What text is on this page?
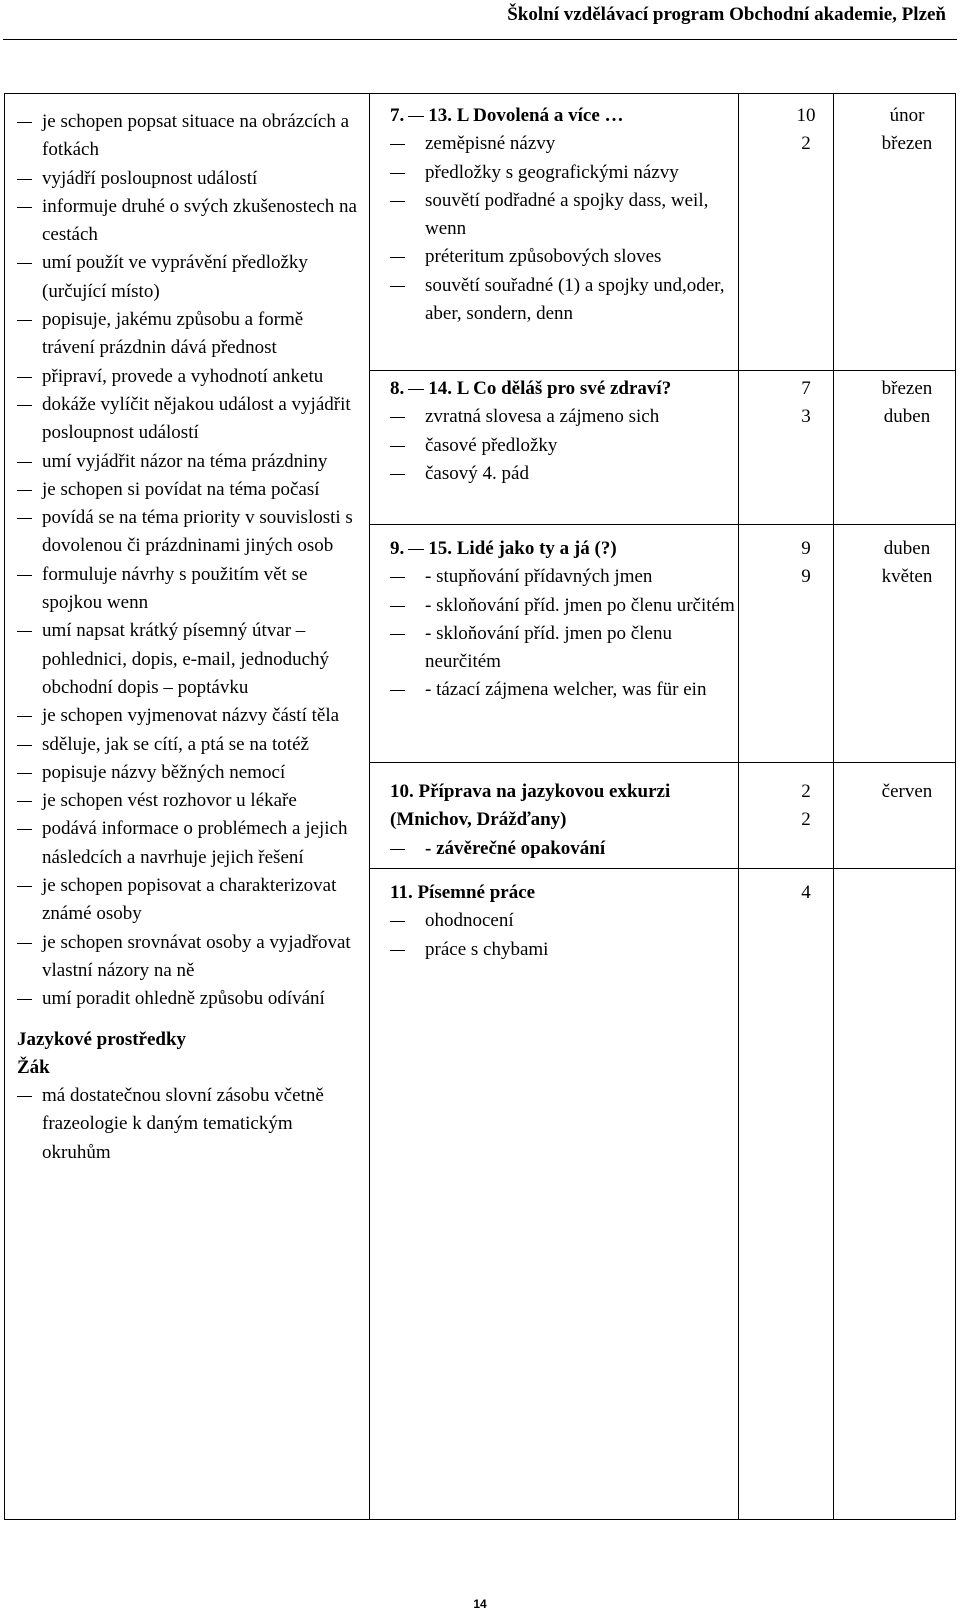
Školní vzdělávací program Obchodní akademie, Plzeň
je schopen popsat situace na obrázcích a fotkách
vyjádří posloupnost událostí
informuje druhé o svých zkušenostech na cestách
umí použít ve vyprávění předložky (určující místo)
popisuje, jakému způsobu a formě trávení prázdnin dává přednost
připraví, provede a vyhodnotí anketu
dokáže vylíčit nějakou událost a vyjádřit posloupnost událostí
umí vyjádřit názor na téma prázdniny
je schopen si povídat na téma počasí
povídá se na téma priority v souvislosti s dovolenou či prázdninami jiných osob
formuluje návrhy s použitím vět se spojkou wenn
umí napsat krátký písemný útvar – pohlednici, dopis, e-mail, jednoduchý obchodní dopis – poptávku
je schopen vyjmenovat názvy částí těla
sděluje, jak se cítí, a ptá se na totéž
popisuje názvy běžných nemocí
je schopen vést rozhovor u lékaře
podává informace o problémech a jejich následcích a navrhuje jejich řešení
je schopen popisovat a charakterizovat známé osoby
je schopen srovnávat osoby a vyjadřovat vlastní názory na ně
umí poradit ohledně způsobu odívání
Jazykové prostředky
Žák
má dostatečnou slovní zásobu včetně frazeologie k daným tematickým okruhům
7. 13. L Dovolená a více …
zeměpisné názvy
předložky s geografickými názvy
souvětí podřadné a spojky dass, weil, wenn
préteritum způsobových sloves
souvětí souřadné (1) a spojky und,oder, aber, sondern, denn
10
2
únor
březen
8. 14. L Co děláš pro své zdraví?
zvratná slovesa a zájmeno sich
časové předložky
časový 4. pád
7
3
březen
duben
9. 15. Lidé jako ty a já (?)
- stupňování přídavných jmen
- skloňování příd. jmen po členu určitém
- skloňování příd. jmen po členu neurčitém
- tázací zájmena welcher, was für ein
9
9
duben
květen
10. Příprava na jazykovou exkurzi (Mnichov, Drážďany)
- závěrečné opakování
2
2
červen
11. Písemné práce
ohodnocení
práce s chybami
4
14
